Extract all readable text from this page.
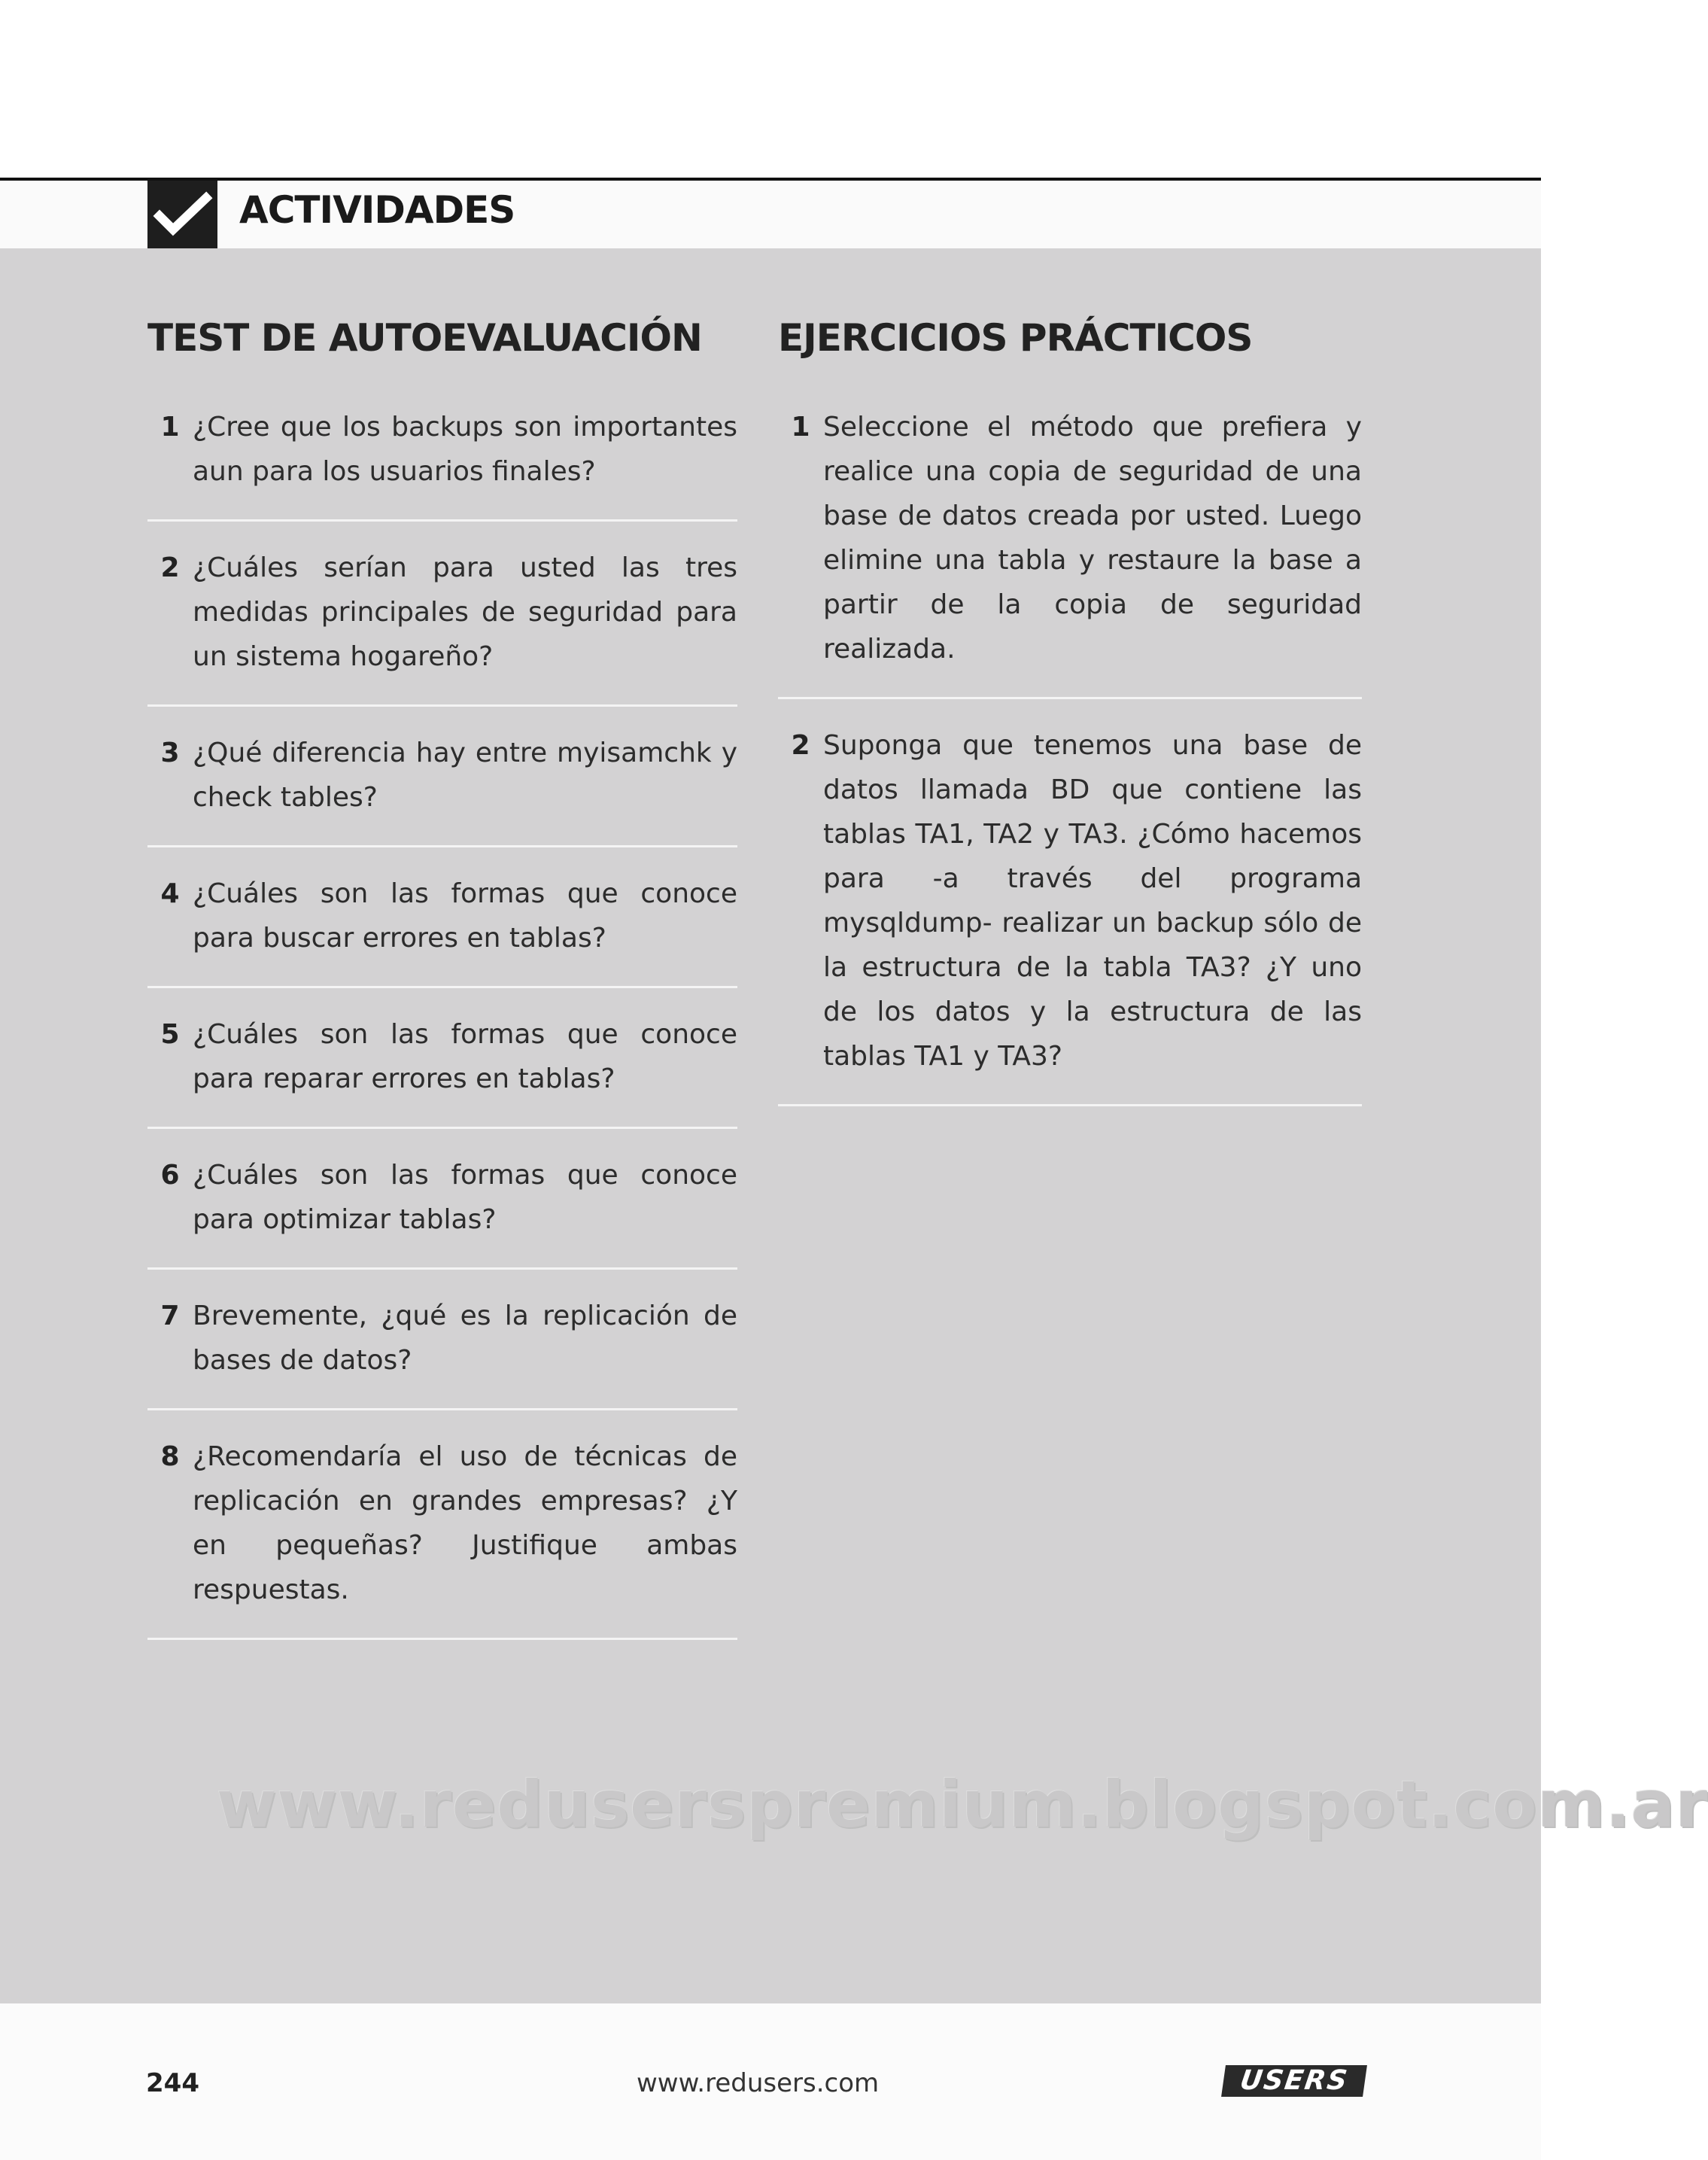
ACTIVIDADES
TEST DE AUTOEVALUACIÓN
1 ¿Cree que los backups son importantes aun para los usuarios finales?
2 ¿Cuáles serían para usted las tres medidas principales de seguridad para un sistema hogareño?
3 ¿Qué diferencia hay entre myisamchk y check tables?
4 ¿Cuáles son las formas que conoce para buscar errores en tablas?
5 ¿Cuáles son las formas que conoce para reparar errores en tablas?
6 ¿Cuáles son las formas que conoce para optimizar tablas?
7 Brevemente, ¿qué es la replicación de bases de datos?
8 ¿Recomendaría el uso de técnicas de replicación en grandes empresas? ¿Y en pequeñas? Justifique ambas respuestas.
EJERCICIOS PRÁCTICOS
1 Seleccione el método que prefiera y realice una copia de seguridad de una base de datos creada por usted. Luego elimine una tabla y restaure la base a partir de la copia de seguridad realizada.
2 Suponga que tenemos una base de datos llamada BD que contiene las tablas TA1, TA2 y TA3. ¿Cómo hacemos para -a través del programa mysqldump- realizar un backup sólo de la estructura de la tabla TA3? ¿Y uno de los datos y la estructura de las tablas TA1 y TA3?
www.reduserspremium.blogspot.com.ar
244	www.redusers.com	USERS
